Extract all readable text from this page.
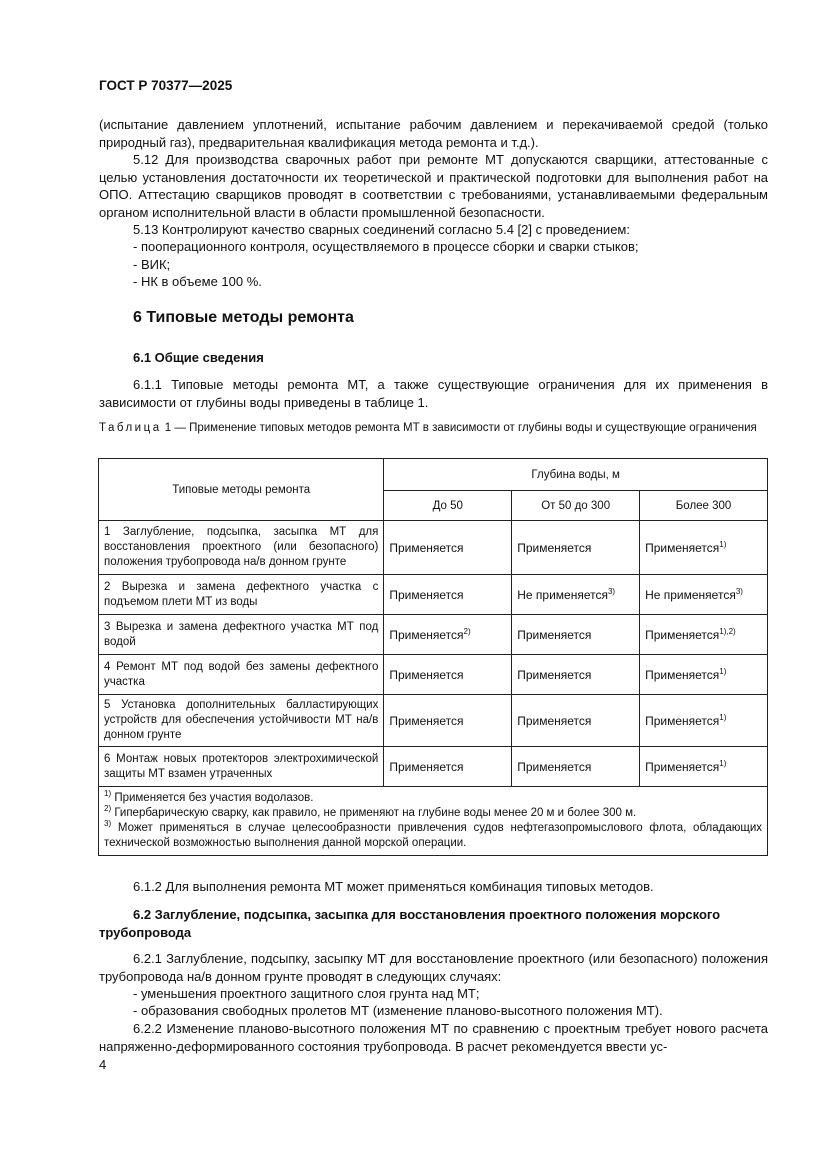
ГОСТ Р 70377—2025

(испытание давлением уплотнений, испытание рабочим давлением и перекачиваемой средой (только природный газ), предварительная квалификация метода ремонта и т.д.).

5.12 Для производства сварочных работ при ремонте МТ допускаются сварщики, аттестованные с целью установления достаточности их теоретической и практической подготовки для выполнения работ на ОПО. Аттестацию сварщиков проводят в соответствии с требованиями, устанавливаемыми федеральным органом исполнительной власти в области промышленной безопасности.

5.13 Контролируют качество сварных соединений согласно 5.4 [2] с проведением:

- пооперационного контроля, осуществляемого в процессе сборки и сварки стыков;

- ВИК;

- НК в объеме 100 %.

6 Типовые методы ремонта
6.1 Общие сведения

6.1.1 Типовые методы ремонта МТ, а также существующие ограничения для их применения в зависимости от глубины воды приведены в таблице 1.

Таблица 1 — Применение типовых методов ремонта МТ в зависимости от глубины воды и существующие ограничения

Типовые методы ремонта	Глубина воды, м		
	До 50	От 50 до 300	Более 300
1 Заглубление, подсыпка, засыпка МТ для восстановления проектного (или безопасного) положения трубопровода на/в донном грунте	Применяется	Применяется	Применяется$^{1)}$
2 Вырезка и замена дефектного участка с подъемом плети МТ из воды	Применяется	Не применяется$^{3)}$	Не применяется$^{3)}$
3 Вырезка и замена дефектного участка МТ под водой	Применяется$^{2)}$	Применяется	Применяется$^{1),2)}$
4 Ремонт МТ под водой без замены дефектного участка	Применяется	Применяется	Применяется$^{1)}$
5 Установка дополнительных балластирующих устройств для обеспечения устойчивости МТ на/в донном грунте	Применяется	Применяется	Применяется$^{1)}$
6 Монтаж новых протекторов электрохимической защиты МТ взамен утраченных	Применяется	Применяется	Применяется$^{1)}$

$^{1)}$ Применяется без участия водолазов.
$^{2)}$ Гипербарическую сварку, как правило, не применяют на глубине воды менее 20 м и более 300 м.
$^{3)}$ Может применяться в случае целесообразности привлечения судов нефтегазопромыслового флота, обладающих технической возможностью выполнения данной морской операции.			

6.1.2 Для выполнения ремонта МТ может применяться комбинация типовых методов.

6.2 Заглубление, подсыпка, засыпка для восстановления проектного положения морского трубопровода

6.2.1 Заглубление, подсыпку, засыпку МТ для восстановление проектного (или безопасного) положения трубопровода на/в донном грунте проводят в следующих случаях:

- уменьшения проектного защитного слоя грунта над МТ;

- образования свободных пролетов МТ (изменение планово-высотного положения МТ).

6.2.2 Изменение планово-высотного положения МТ по сравнению с проектным требует нового расчета напряженно-деформированного состояния трубопровода. В расчет рекомендуется ввести ус-

4
